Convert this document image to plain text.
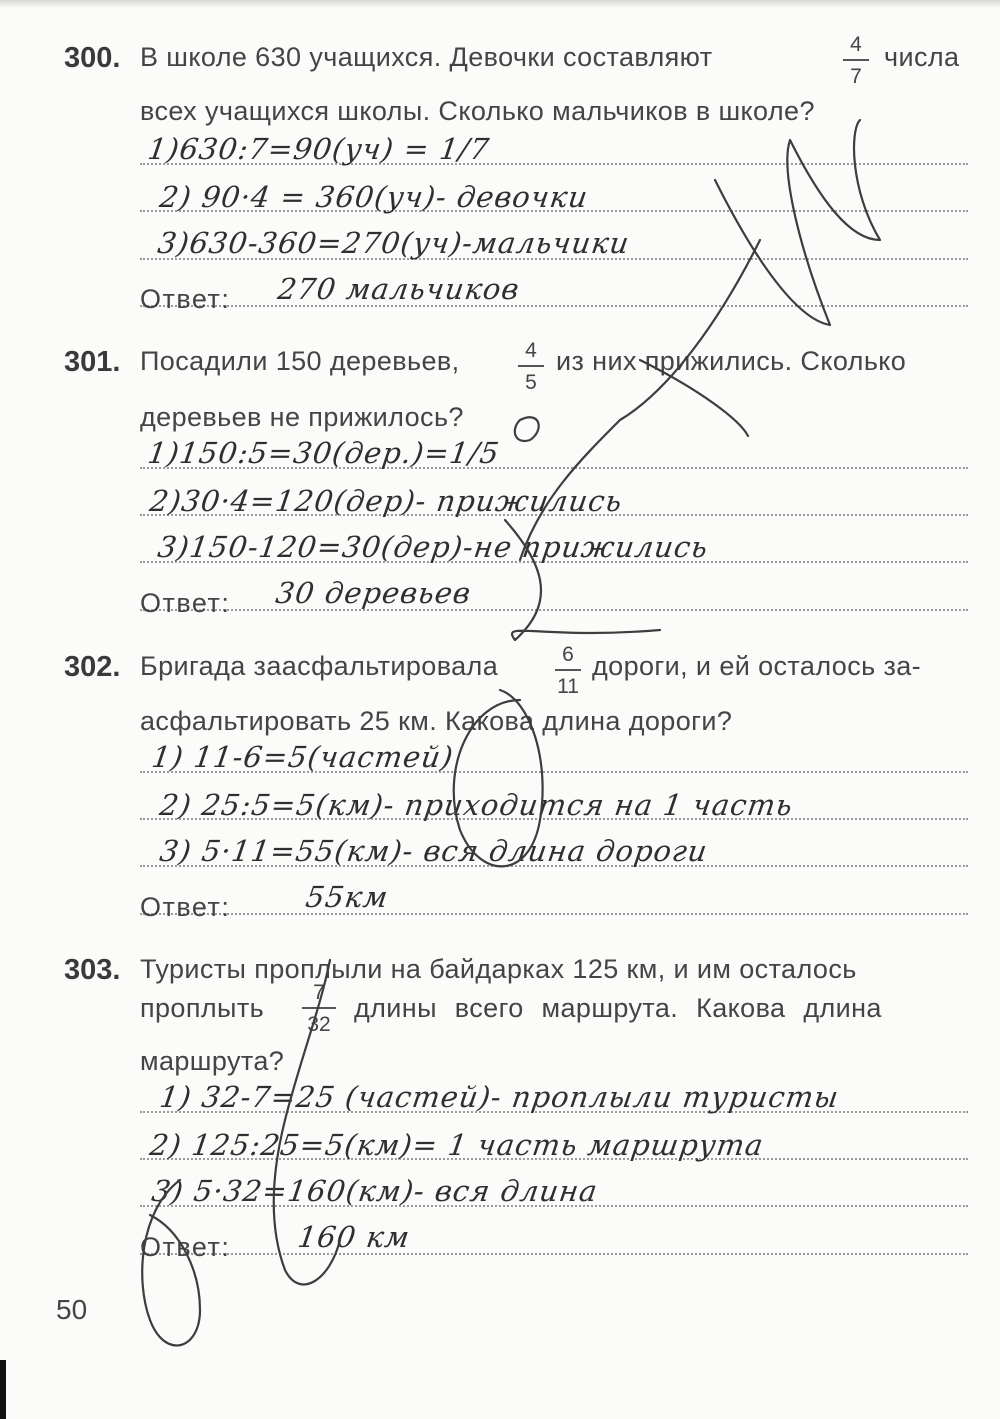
300. В школе 630 учащихся. Девочки составляют	4
7
числа
всех учащихся школы. Сколько мальчиков в школе?
1)630:7=90(уч) = 1/7
2) 90·4 = 360(уч)- девочки
3)630-360=270(уч)-мальчики
Ответ: 270 мальчиков
301. Посадили 150 деревьев,	4
5
из них прижились. Сколько
деревьев не прижилось?
1)150:5=30(дер.)=1/5
2)30·4=120(дер)- прижились
3)150-120=30(дер)-не прижились
Ответ: 30 деревьев
302. Бригада заасфальтировала	6
11
дороги, и ей осталось за-
асфальтировать 25 км. Какова длина дороги?
1) 11-6=5(частей)
2) 25:5=5(км)- приходится на 1 часть
3) 5·11=55(км)- вся длина дороги
Ответ:	55км
303. Туристы проплыли на байдарках 125 км, и им осталось
проплыть
7
32
длины всего маршрута. Какова длина
маршрута?
1) 32-7=25 (частей)- проплыли туристы
2) 125:25=5(км)= 1 часть маршрута
3) 5·32=160(км)- вся длина
Ответ: 160 км
50
